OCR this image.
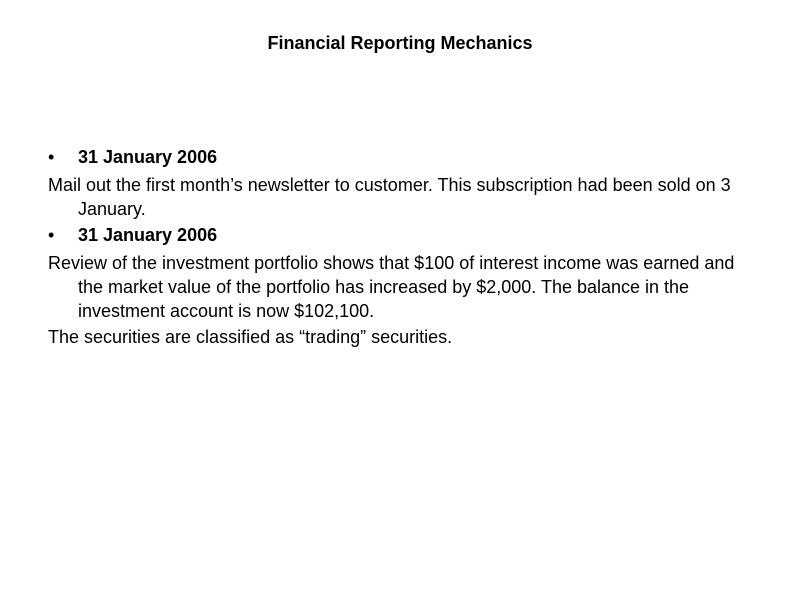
Financial Reporting Mechanics
• 31 January 2006
Mail out the first month’s newsletter to customer. This subscription had been sold on 3 January.
• 31 January 2006
Review of the investment portfolio shows that $100 of interest income was earned and the market value of the portfolio has increased by $2,000. The balance in the investment account is now $102,100.
The securities are classified as “trading” securities.
